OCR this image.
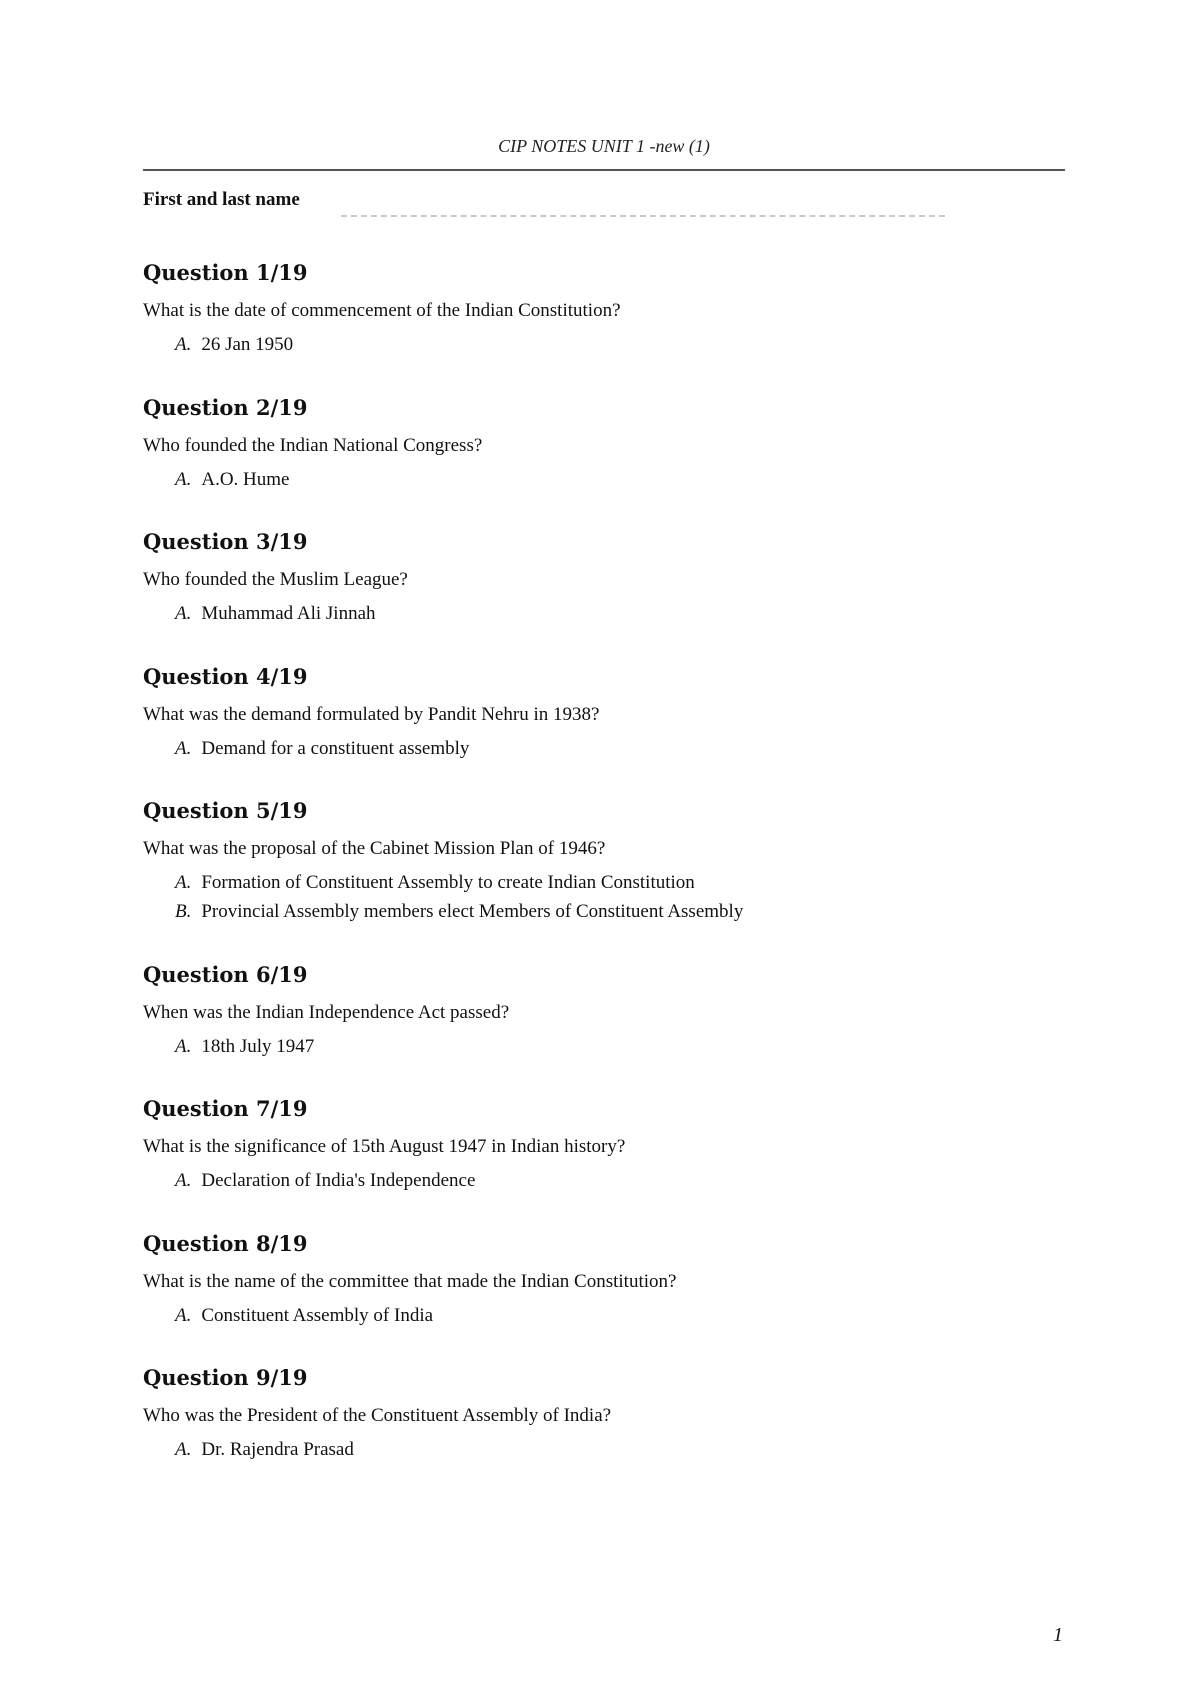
CIP NOTES UNIT 1 -new (1)
First and last name
Question 1/19
What is the date of commencement of the Indian Constitution?
A. 26 Jan 1950
Question 2/19
Who founded the Indian National Congress?
A. A.O. Hume
Question 3/19
Who founded the Muslim League?
A. Muhammad Ali Jinnah
Question 4/19
What was the demand formulated by Pandit Nehru in 1938?
A. Demand for a constituent assembly
Question 5/19
What was the proposal of the Cabinet Mission Plan of 1946?
A. Formation of Constituent Assembly to create Indian Constitution
B. Provincial Assembly members elect Members of Constituent Assembly
Question 6/19
When was the Indian Independence Act passed?
A. 18th July 1947
Question 7/19
What is the significance of 15th August 1947 in Indian history?
A. Declaration of India's Independence
Question 8/19
What is the name of the committee that made the Indian Constitution?
A. Constituent Assembly of India
Question 9/19
Who was the President of the Constituent Assembly of India?
A. Dr. Rajendra Prasad
1
